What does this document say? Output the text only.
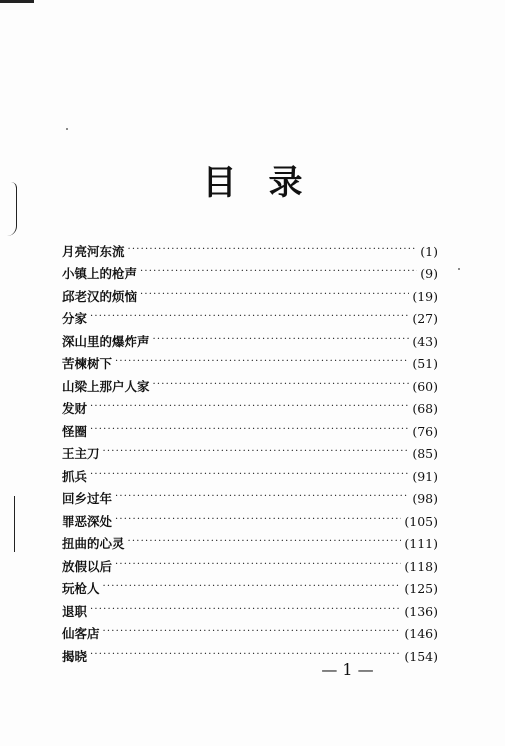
目 录
月亮河东流 ·····	(1)
小镇上的枪声 ·····	(9)
邱老汉的烦恼 ·····	(19)
分家 ·····	(27)
深山里的爆炸声 ·····	(43)
苦楝树下 ·····	(51)
山梁上那户人家 ·····	(60)
发财 ·····	(68)
怪圈 ·····	(76)
王主刀 ·····	(85)
抓兵 ·····	(91)
回乡过年 ·····	(98)
罪恶深处 ·····	(105)
扭曲的心灵 ·····	(111)
放假以后 ·····	(118)
玩枪人 ·····	(125)
退职 ·····	(136)
仙客店 ·····	(146)
揭晓 ·····	(154)
— 1 —
